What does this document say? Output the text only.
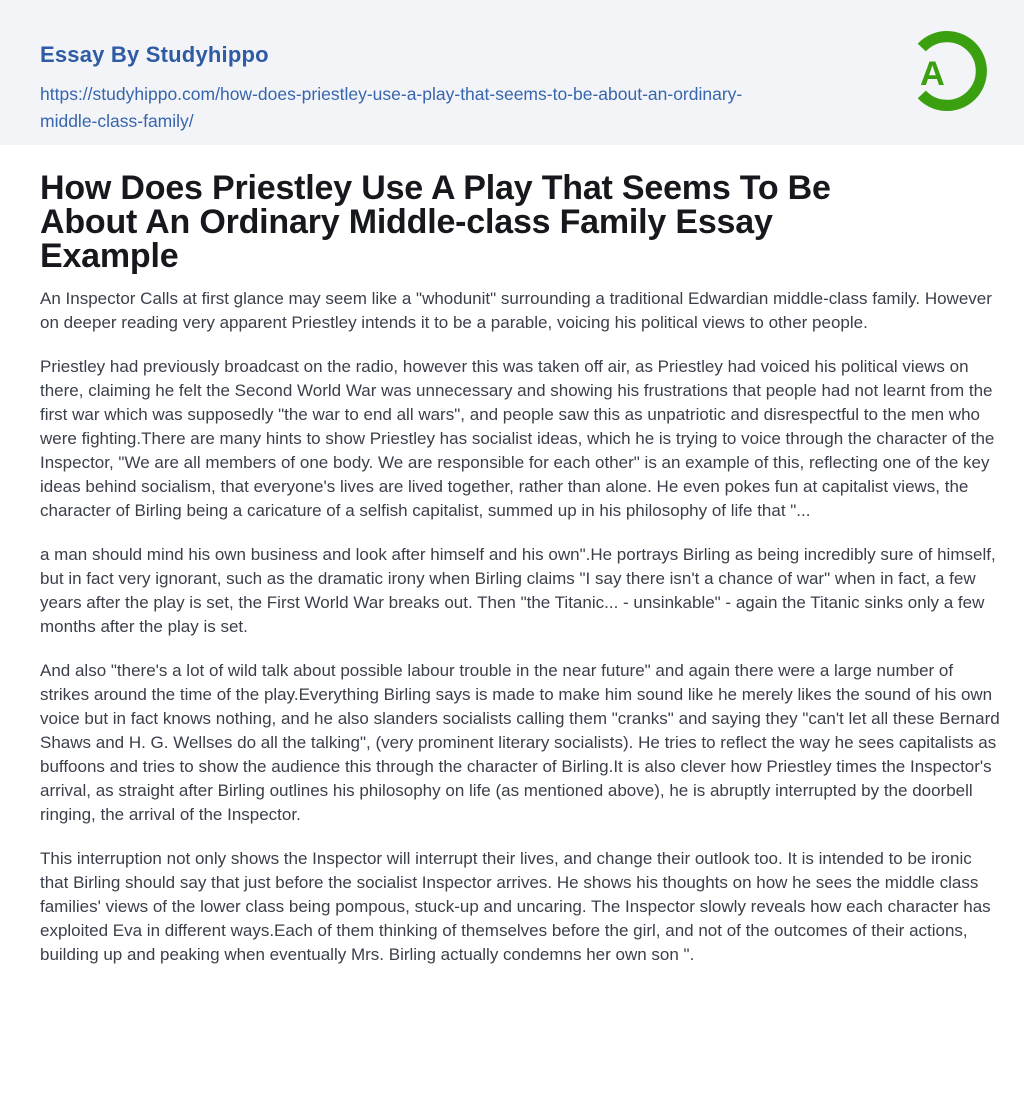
Essay By Studyhippo
https://studyhippo.com/how-does-priestley-use-a-play-that-seems-to-be-about-an-ordinary-middle-class-family/
A
How Does Priestley Use A Play That Seems To Be
About An Ordinary Middle-class Family Essay
Example

An Inspector Calls at first glance may seem like a "whodunit" surrounding a traditional Edwardian middle-class family. However on deeper reading very apparent Priestley intends it to be a parable, voicing his political views to other people.

Priestley had previously broadcast on the radio, however this was taken off air, as Priestley had voiced his political views on there, claiming he felt the Second World War was unnecessary and showing his frustrations that people had not learnt from the first war which was supposedly "the war to end all wars", and people saw this as unpatriotic and disrespectful to the men who were fighting.There are many hints to show Priestley has socialist ideas, which he is trying to voice through the character of the Inspector, "We are all members of one body. We are responsible for each other" is an example of this, reflecting one of the key ideas behind socialism, that everyone's lives are lived together, rather than alone. He even pokes fun at capitalist views, the character of Birling being a caricature of a selfish capitalist, summed up in his philosophy of life that "...

a man should mind his own business and look after himself and his own".He portrays Birling as being incredibly sure of himself, but in fact very ignorant, such as the dramatic irony when Birling claims "I say there isn't a chance of war" when in fact, a few years after the play is set, the First World War breaks out. Then "the Titanic... - unsinkable" - again the Titanic sinks only a few months after the play is set.

And also "there's a lot of wild talk about possible labour trouble in the near future" and again there were a large number of strikes around the time of the play.Everything Birling says is made to make him sound like he merely likes the sound of his own voice but in fact knows nothing, and he also slanders socialists calling them "cranks" and saying they "can't let all these Bernard Shaws and H. G. Wellses do all the talking", (very prominent literary socialists). He tries to reflect the way he sees capitalists as buffoons and tries to show the audience this through the character of Birling.It is also clever how Priestley times the Inspector's arrival, as straight after Birling outlines his philosophy on life (as mentioned above), he is abruptly interrupted by the doorbell ringing, the arrival of the Inspector.

This interruption not only shows the Inspector will interrupt their lives, and change their outlook too. It is intended to be ironic that Birling should say that just before the socialist Inspector arrives. He shows his thoughts on how he sees the middle class families' views of the lower class being pompous, stuck-up and uncaring. The Inspector slowly reveals how each character has exploited Eva in different ways.Each of them thinking of themselves before the girl, and not of the outcomes of their actions, building up and peaking when eventually Mrs. Birling actually condemns her own son ".
